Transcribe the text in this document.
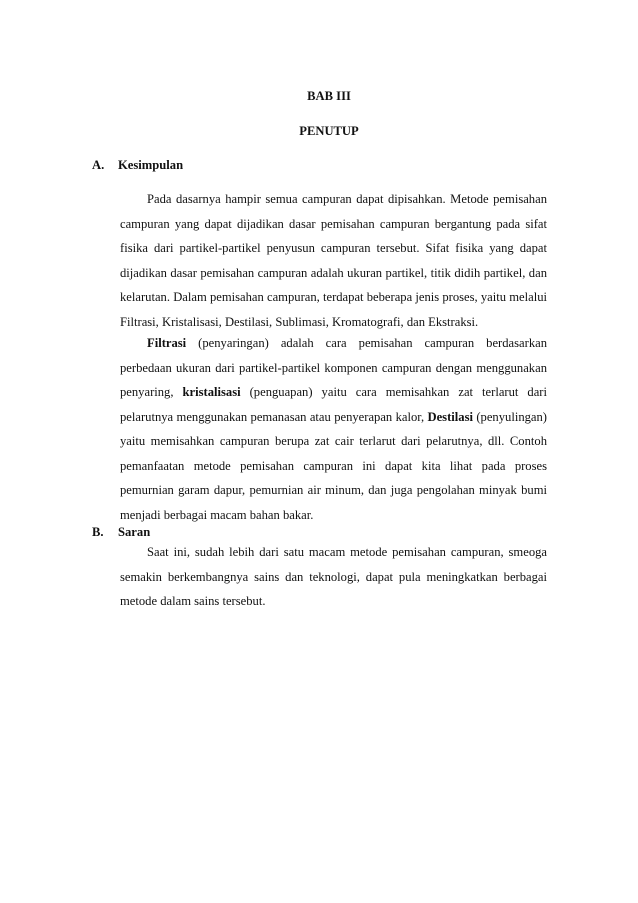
BAB III

PENUTUP

A. Kesimpulan

Pada dasarnya hampir semua campuran dapat dipisahkan. Metode pemisahan campuran yang dapat dijadikan dasar pemisahan campuran bergantung pada sifat fisika dari partikel-partikel penyusun campuran tersebut. Sifat fisika yang dapat dijadikan dasar pemisahan campuran adalah ukuran partikel, titik didih partikel, dan kelarutan. Dalam pemisahan campuran, terdapat beberapa jenis proses, yaitu melalui Filtrasi, Kristalisasi, Destilasi, Sublimasi, Kromatografi, dan Ekstraksi.

Filtrasi (penyaringan) adalah cara pemisahan campuran berdasarkan perbedaan ukuran dari partikel-partikel komponen campuran dengan menggunakan penyaring, kristalisasi (penguapan) yaitu cara memisahkan zat terlarut dari pelarutnya menggunakan pemanasan atau penyerapan kalor, Destilasi (penyulingan) yaitu memisahkan campuran berupa zat cair terlarut dari pelarutnya, dll. Contoh pemanfaatan metode pemisahan campuran ini dapat kita lihat pada proses pemurnian garam dapur, pemurnian air minum, dan juga pengolahan minyak bumi menjadi berbagai macam bahan bakar.

B. Saran

Saat ini, sudah lebih dari satu macam metode pemisahan campuran, smeoga semakin berkembangnya sains dan teknologi, dapat pula meningkatkan berbagai metode dalam sains tersebut.
